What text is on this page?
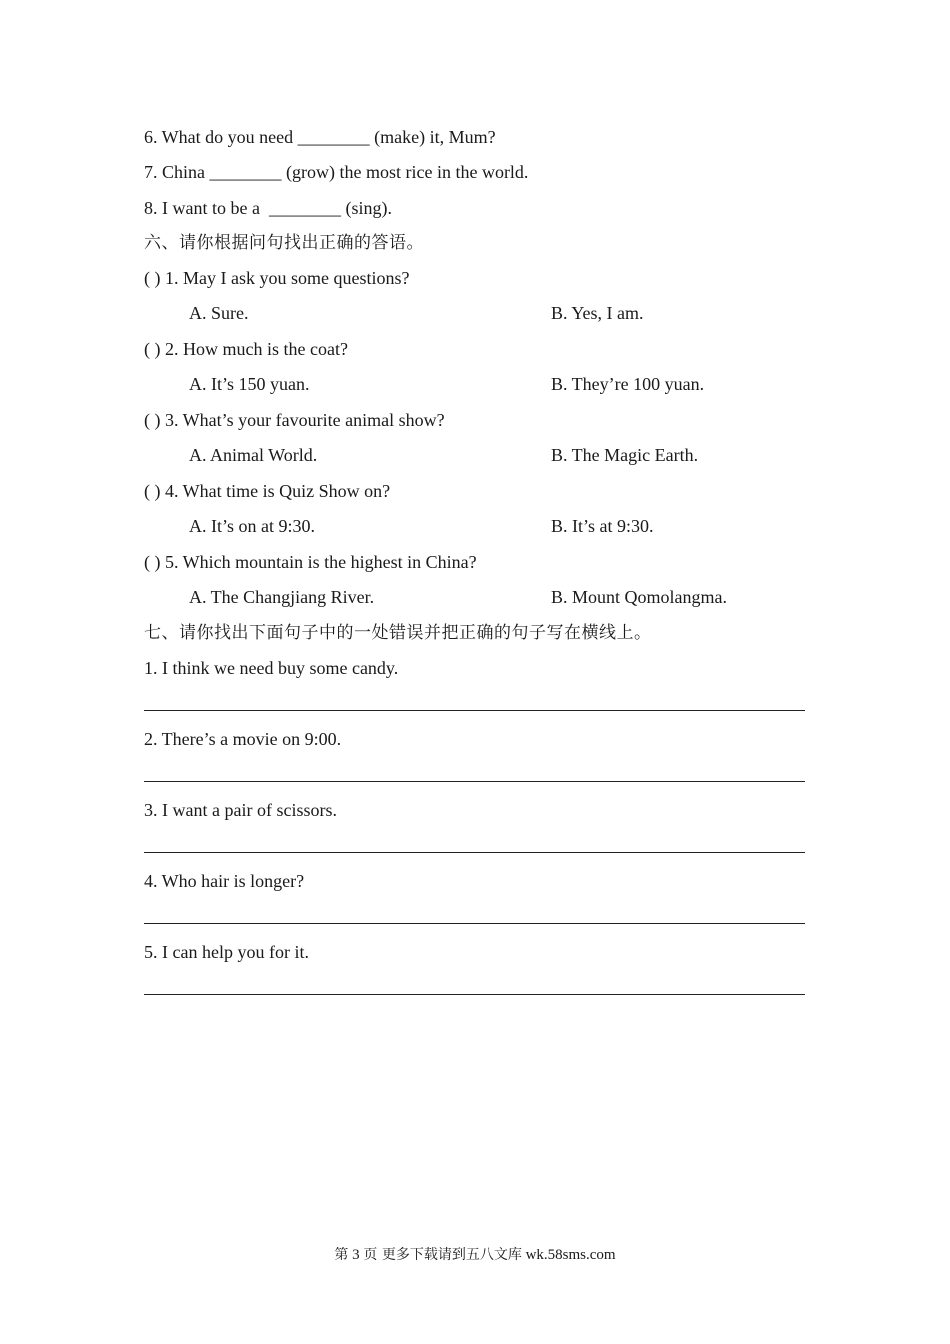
6. What do you need ________ (make) it, Mum?
7. China ________ (grow) the most rice in the world.
8. I want to be a  ________ (sing).
六、请你根据问句找出正确的答语。
( ) 1. May I ask you some questions?
A. Sure.	B. Yes, I am.
( ) 2. How much is the coat?
A. It’s 150 yuan.	B. They’re 100 yuan.
( ) 3. What’s your favourite animal show?
A. Animal World.	B. The Magic Earth.
( ) 4. What time is Quiz Show on?
A. It’s on at 9:30.	B. It’s at 9:30.
( ) 5. Which mountain is the highest in China?
A. The Changjiang River.	B. Mount Qomolangma.
七、请你找出下面句子中的一处错误并把正确的句子写在横线上。
1. I think we need buy some candy.
2. There’s a movie on 9:00.
3. I want a pair of scissors.
4. Who hair is longer?
5. I can help you for it.
第 3 页 更多下载请到五八文库 wk.58sms.com
